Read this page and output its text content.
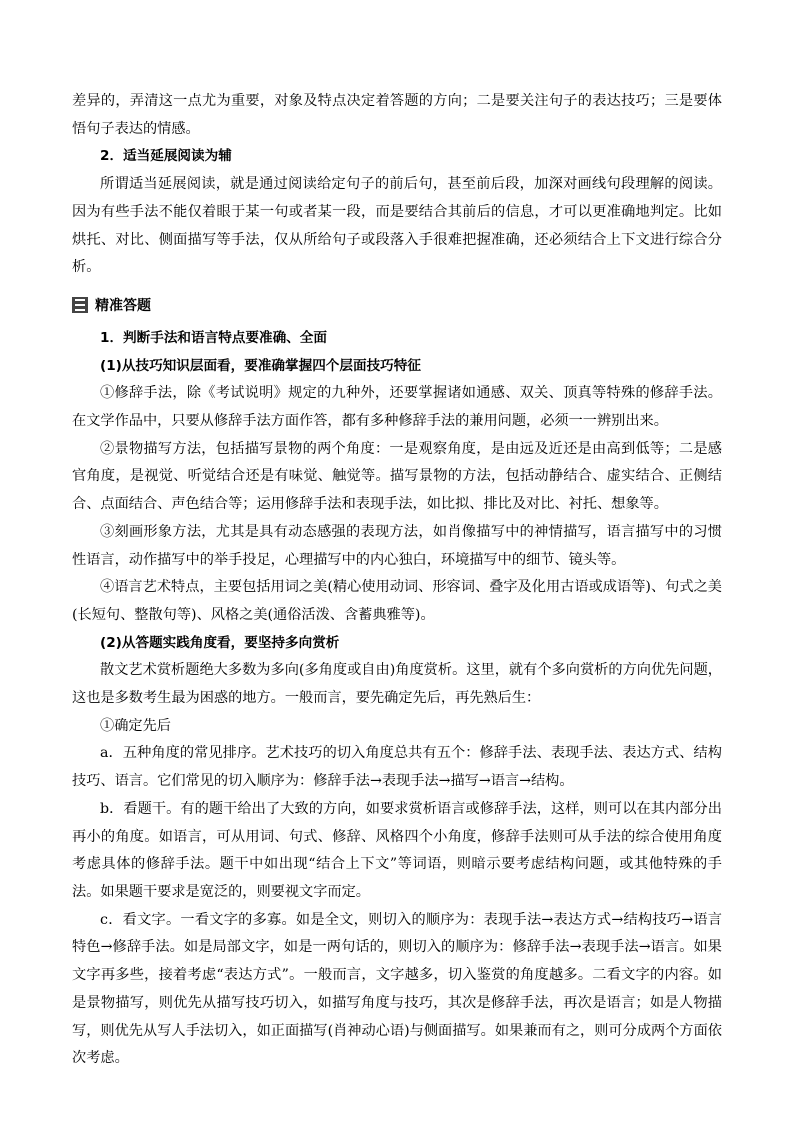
差异的，弄清这一点尤为重要，对象及特点决定着答题的方向；二是要关注句子的表达技巧；三是要体悟句子表达的情感。

2．适当延展阅读为辅

所谓适当延展阅读，就是通过阅读给定句子的前后句，甚至前后段，加深对画线句段理解的阅读。因为有些手法不能仅着眼于某一句或者某一段，而是要结合其前后的信息，才可以更准确地判定。比如烘托、对比、侧面描写等手法，仅从所给句子或段落入手很难把握准确，还必须结合上下文进行综合分析。

精准答题

1．判断手法和语言特点要准确、全面

(1)从技巧知识层面看，要准确掌握四个层面技巧特征

①修辞手法，除《考试说明》规定的九种外，还要掌握诸如通感、双关、顶真等特殊的修辞手法。在文学作品中，只要从修辞手法方面作答，都有多种修辞手法的兼用问题，必须一一辨别出来。

②景物描写方法，包括描写景物的两个角度：一是观察角度，是由远及近还是由高到低等；二是感官角度，是视觉、听觉结合还是有味觉、触觉等。描写景物的方法，包括动静结合、虚实结合、正侧结合、点面结合、声色结合等；运用修辞手法和表现手法，如比拟、排比及对比、衬托、想象等。

③刻画形象方法，尤其是具有动态感强的表现方法，如肖像描写中的神情描写，语言描写中的习惯性语言，动作描写中的举手投足，心理描写中的内心独白，环境描写中的细节、镜头等。

④语言艺术特点，主要包括用词之美(精心使用动词、形容词、叠字及化用古语或成语等)、句式之美(长短句、整散句等)、风格之美(通俗活泼、含蓄典雅等)。

(2)从答题实践角度看，要坚持多向赏析

散文艺术赏析题绝大多数为多向(多角度或自由)角度赏析。这里，就有个多向赏析的方向优先问题，这也是多数考生最为困惑的地方。一般而言，要先确定先后，再先熟后生：

①确定先后

a．五种角度的常见排序。艺术技巧的切入角度总共有五个：修辞手法、表现手法、表达方式、结构技巧、语言。它们常见的切入顺序为：修辞手法→表现手法→描写→语言→结构。

b．看题干。有的题干给出了大致的方向，如要求赏析语言或修辞手法，这样，则可以在其内部分出再小的角度。如语言，可从用词、句式、修辞、风格四个小角度，修辞手法则可从手法的综合使用角度考虑具体的修辞手法。题干中如出现“结合上下文”等词语，则暗示要考虑结构问题，或其他特殊的手法。如果题干要求是宽泛的，则要视文字而定。

c．看文字。一看文字的多寡。如是全文，则切入的顺序为：表现手法→表达方式→结构技巧→语言特色→修辞手法。如是局部文字，如是一两句话的，则切入的顺序为：修辞手法→表现手法→语言。如果文字再多些，接着考虑“表达方式”。一般而言，文字越多，切入鉴赏的角度越多。二看文字的内容。如是景物描写，则优先从描写技巧切入，如描写角度与技巧，其次是修辞手法，再次是语言；如是人物描写，则优先从写人手法切入，如正面描写(肖神动心语)与侧面描写。如果兼而有之，则可分成两个方面依次考虑。
